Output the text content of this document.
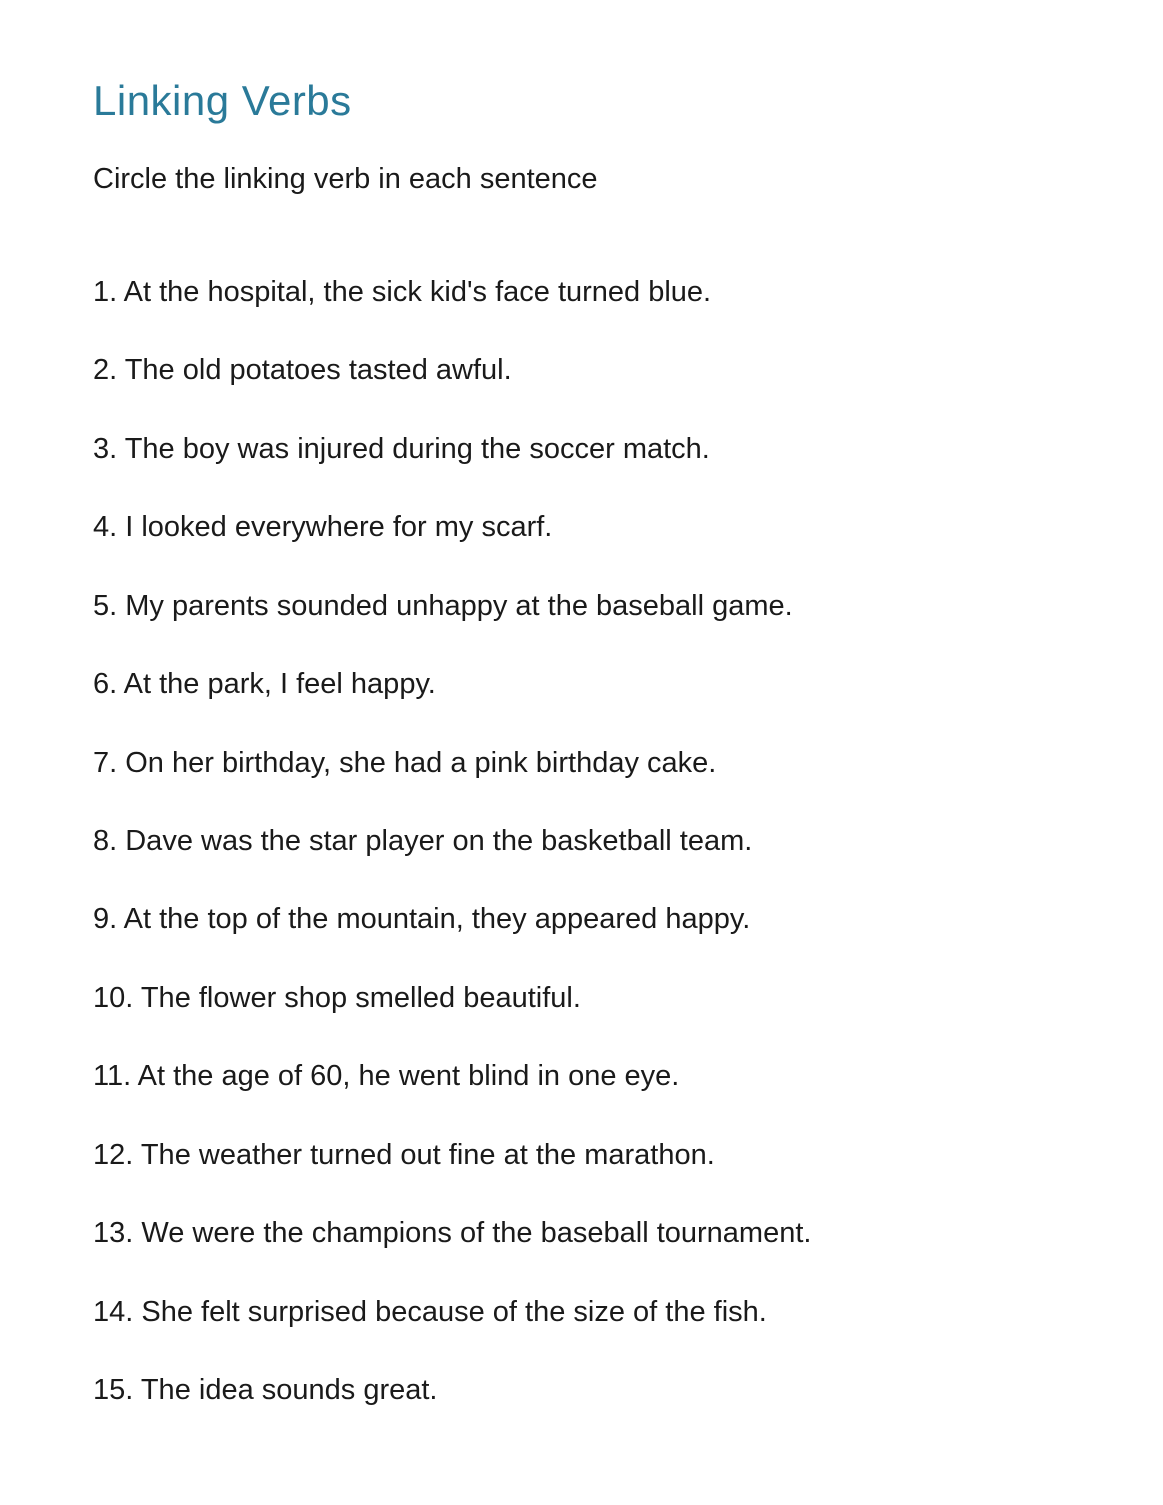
Linking Verbs

Circle the linking verb in each sentence

1. At the hospital, the sick kid's face turned blue.

2. The old potatoes tasted awful.

3. The boy was injured during the soccer match.

4. I looked everywhere for my scarf.

5. My parents sounded unhappy at the baseball game.

6. At the park, I feel happy.

7. On her birthday, she had a pink birthday cake.

8. Dave was the star player on the basketball team.

9. At the top of the mountain, they appeared happy.

10. The flower shop smelled beautiful.

11. At the age of 60, he went blind in one eye.

12. The weather turned out fine at the marathon.

13. We were the champions of the baseball tournament.

14. She felt surprised because of the size of the fish.

15. The idea sounds great.
